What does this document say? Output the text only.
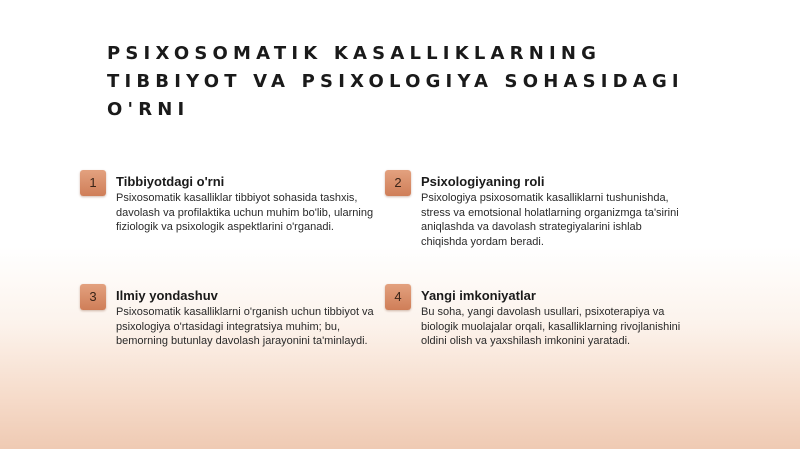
PSIXOSOMATIK KASALLIKLARNING TIBBIYOT VA PSIXOLOGIYA SOHASIDAGI O'RNI
1	Tibbiyotdagi o'rni
Psixosomatik kasalliklar tibbiyot sohasida tashxis, davolash va profilaktika uchun muhim bo'lib, ularning fiziologik va psixologik aspektlarini o'rganadi.
2	Psixologiyaning roli
Psixologiya psixosomatik kasalliklarni tushunishda, stress va emotsional holatlarning organizmga ta'sirini aniqlashda va davolash strategiyalarini ishlab chiqishda yordam beradi.
3	Ilmiy yondashuv
Psixosomatik kasalliklarni o'rganish uchun tibbiyot va psixologiya o'rtasidagi integratsiya muhim; bu, bemorning butunlay davolash jarayonini ta'minlaydi.
4	Yangi imkoniyatlar
Bu soha, yangi davolash usullari, psixoterapiya va biologik muolajalar orqali, kasalliklarning rivojlanishini oldini olish va yaxshilash imkonini yaratadi.
